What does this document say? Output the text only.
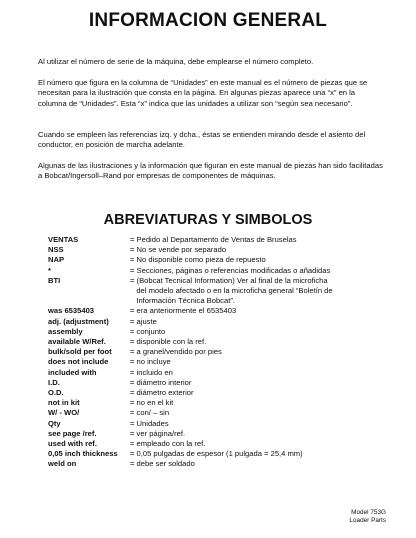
INFORMACION GENERAL

Al utilizar el número de serie de la máquina, debe emplearse el número completo.

El número que figura en la columna de “Unidades” en este manual es el número de piezas que se necesitan para la ilustración que consta en la página. En algunas piezas aparece una “x” en la columna de “Unidades”. Esta “x” indica que las unidades a utilizar son “según sea necesario”.

Cuando se empleen las referencias izq. y dcha., éstas se entienden mirando desde el asiento del conductor, en posición de marcha adelante.

Algunas de las ilustraciones y la información que figuran en este manual de piezas han sido facilitadas a Bobcat/Ingersoll–Rand por empresas de componentes de máquinas.

ABREVIATURAS Y SIMBOLOS
VENTAS	= Pedido al Departamento de Ventas de Bruselas
NSS	= No se vende por separado
NAP	= No disponible como pieza de repuesto
*	= Secciones, páginas o referencias modificadas o añadidas
BTI	= (Bobcat Tecnical Information) Ver al final de la microficha
del modelo afectado o en la microficha general “Boletín de
Información Técnica Bobcat”.
was 6535403	= era anteriormente el 6535403
adj. (adjustment)	= ajuste
assembly	= conjunto
available W/Ref.	= disponible con la ref.
bulk/sold per foot	= a granel/vendido por pies
does not include	= no incluye
included with	= incluido en
I.D.	= diámetro interior
O.D.	= diámetro exterior
not in kit	= no en el kit
W/ - WO/	= con/ – sin
Qty	= Unidades
see page /ref.	= ver página/ref.
used with ref.	= empleado con la ref.
0,05 inch thickness	= 0,05 pulgadas de espesor (1 pulgada = 25,4 mm)
weld on	= debe ser soldado
Model 753G
Loader Parts
